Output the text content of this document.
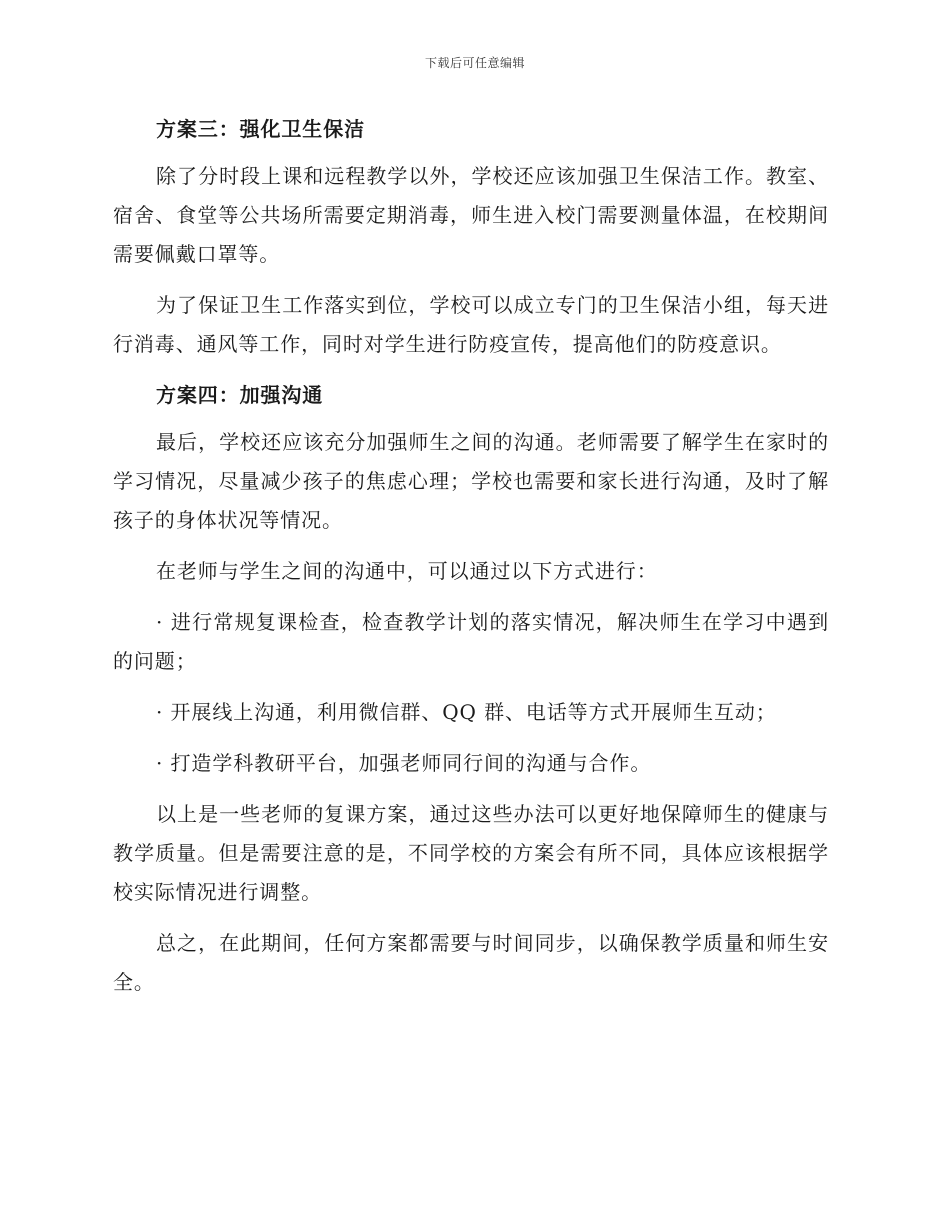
下载后可任意编辑

方案三：强化卫生保洁

除了分时段上课和远程教学以外，学校还应该加强卫生保洁工作。教室、宿舍、食堂等公共场所需要定期消毒，师生进入校门需要测量体温，在校期间需要佩戴口罩等。

为了保证卫生工作落实到位，学校可以成立专门的卫生保洁小组，每天进行消毒、通风等工作，同时对学生进行防疫宣传，提高他们的防疫意识。

方案四：加强沟通

最后，学校还应该充分加强师生之间的沟通。老师需要了解学生在家时的学习情况，尽量减少孩子的焦虑心理；学校也需要和家长进行沟通，及时了解孩子的身体状况等情况。

在老师与学生之间的沟通中，可以通过以下方式进行：

· 进行常规复课检查，检查教学计划的落实情况，解决师生在学习中遇到的问题；

· 开展线上沟通，利用微信群、QQ 群、电话等方式开展师生互动；

· 打造学科教研平台，加强老师同行间的沟通与合作。

以上是一些老师的复课方案，通过这些办法可以更好地保障师生的健康与教学质量。但是需要注意的是，不同学校的方案会有所不同，具体应该根据学校实际情况进行调整。

总之，在此期间，任何方案都需要与时间同步，以确保教学质量和师生安全。
